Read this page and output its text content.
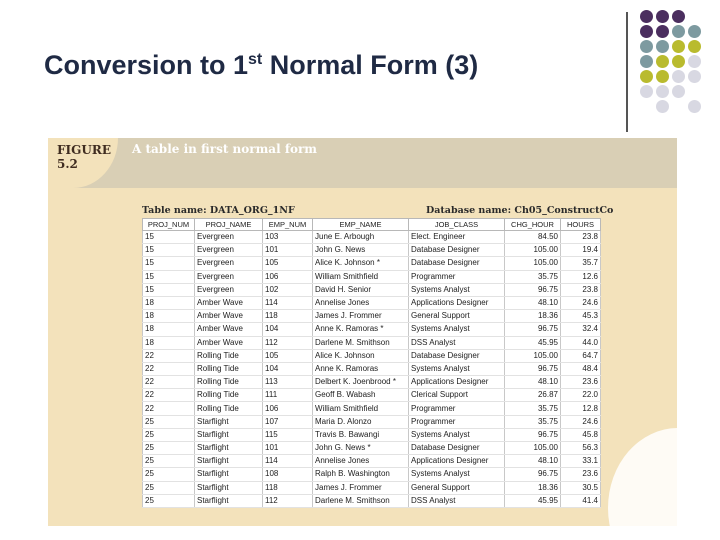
Conversion to 1st Normal Form (3)
FIGURE
5.2
A table in first normal form
Table name: DATA_ORG_1NF	Database name: Ch05_ConstructCo
PROJ_NUM	PROJ_NAME	EMP_NUM	EMP_NAME	JOB_CLASS	CHG_HOUR	HOURS
15	Evergreen	103	June E. Arbough	Elect. Engineer	84.50	23.8
15	Evergreen	101	John G. News	Database Designer	105.00	19.4
15	Evergreen	105	Alice K. Johnson *	Database Designer	105.00	35.7
15	Evergreen	106	William Smithfield	Programmer	35.75	12.6
15	Evergreen	102	David H. Senior	Systems Analyst	96.75	23.8
18	Amber Wave	114	Annelise Jones	Applications Designer	48.10	24.6
18	Amber Wave	118	James J. Frommer	General Support	18.36	45.3
18	Amber Wave	104	Anne K. Ramoras *	Systems Analyst	96.75	32.4
18	Amber Wave	112	Darlene M. Smithson	DSS Analyst	45.95	44.0
22	Rolling Tide	105	Alice K. Johnson	Database Designer	105.00	64.7
22	Rolling Tide	104	Anne K. Ramoras	Systems Analyst	96.75	48.4
22	Rolling Tide	113	Delbert K. Joenbrood *	Applications Designer	48.10	23.6
22	Rolling Tide	111	Geoff B. Wabash	Clerical Support	26.87	22.0
22	Rolling Tide	106	William Smithfield	Programmer	35.75	12.8
25	Starflight	107	Maria D. Alonzo	Programmer	35.75	24.6
25	Starflight	115	Travis B. Bawangi	Systems Analyst	96.75	45.8
25	Starflight	101	John G. News *	Database Designer	105.00	56.3
25	Starflight	114	Annelise Jones	Applications Designer	48.10	33.1
25	Starflight	108	Ralph B. Washington	Systems Analyst	96.75	23.6
25	Starflight	118	James J. Frommer	General Support	18.36	30.5
25	Starflight	112	Darlene M. Smithson	DSS Analyst	45.95	41.4
